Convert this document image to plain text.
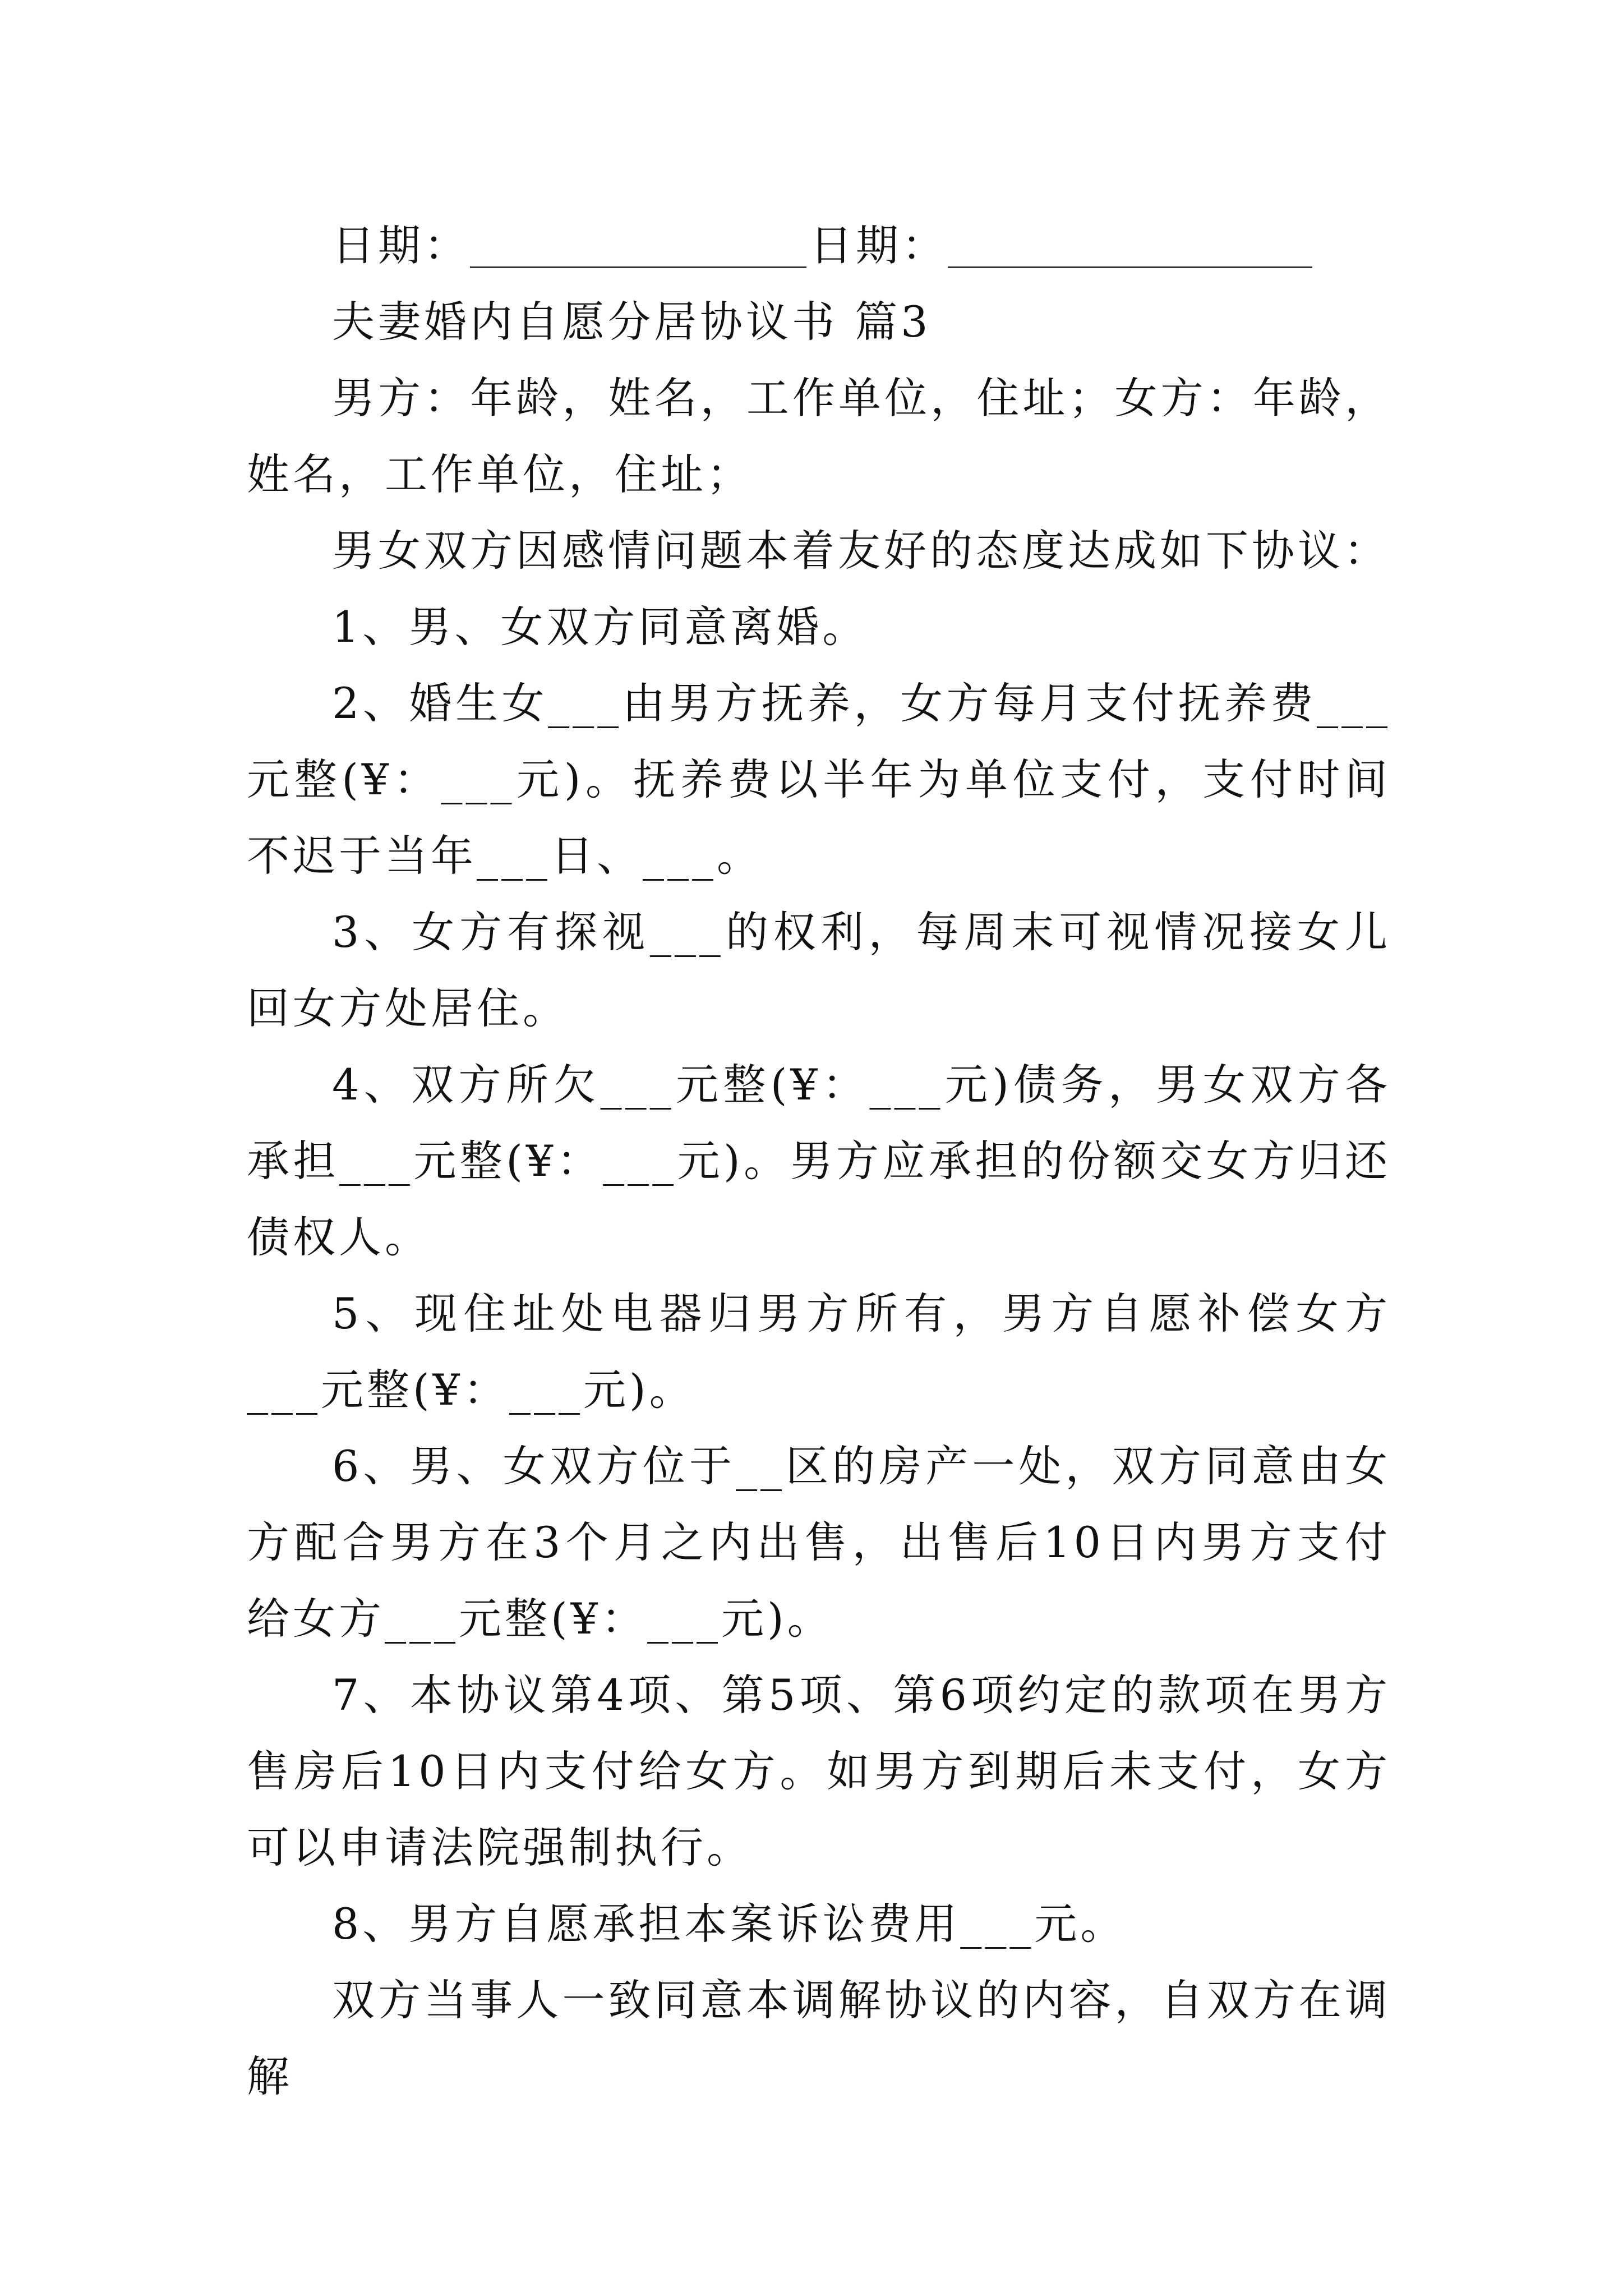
日期：	日期：

夫妻婚内自愿分居协议书 篇3

男方：年龄，姓名，工作单位，住址；女方：年龄，姓名，工作单位，住址；

男女双方因感情问题本着友好的态度达成如下协议：

1、男、女双方同意离婚。

2、婚生女___由男方抚养，女方每月支付抚养费___元整(¥：___元)。抚养费以半年为单位支付，支付时间不迟于当年___日、___。

3、女方有探视___的权利，每周末可视情况接女儿回女方处居住。

4、双方所欠___元整(¥：___元)债务，男女双方各承担___元整(¥：___元)。男方应承担的份额交女方归还债权人。

5、现住址处电器归男方所有，男方自愿补偿女方___元整(¥：___元)。

6、男、女双方位于__区的房产一处，双方同意由女方配合男方在3个月之内出售，出售后10日内男方支付给女方___元整(¥：___元)。

7、本协议第4项、第5项、第6项约定的款项在男方售房后10日内支付给女方。如男方到期后未支付，女方可以申请法院强制执行。

8、男方自愿承担本案诉讼费用___元。

双方当事人一致同意本调解协议的内容，自双方在调解
